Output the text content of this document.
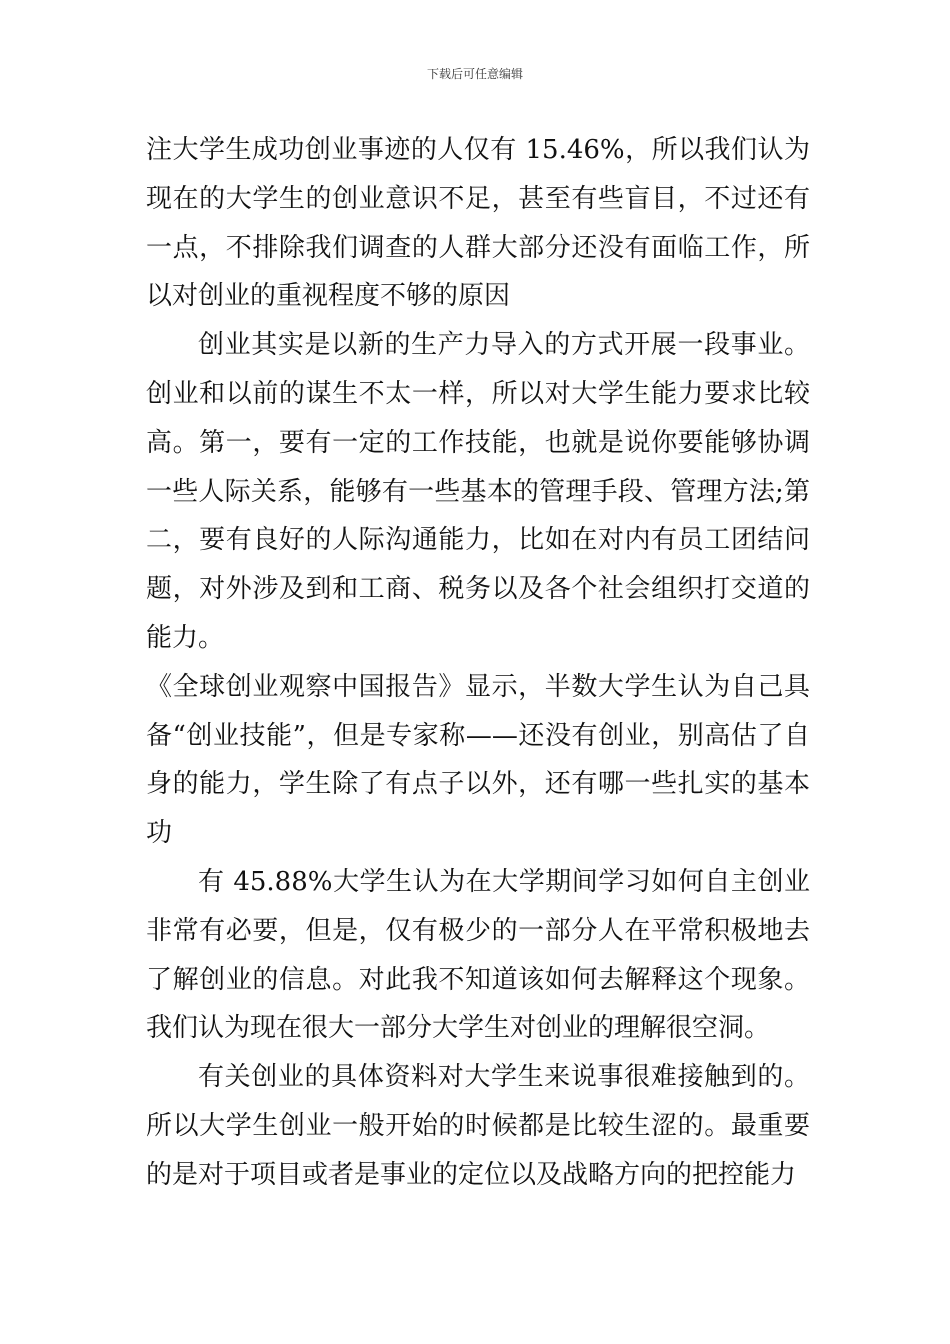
下载后可任意编辑

注大学生成功创业事迹的人仅有 15.46%，所以我们认为现在的大学生的创业意识不足，甚至有些盲目，不过还有一点，不排除我们调查的人群大部分还没有面临工作，所以对创业的重视程度不够的原因

创业其实是以新的生产力导入的方式开展一段事业。创业和以前的谋生不太一样，所以对大学生能力要求比较高。第一，要有一定的工作技能，也就是说你要能够协调一些人际关系，能够有一些基本的管理手段、管理方法;第二，要有良好的人际沟通能力，比如在对内有员工团结问题，对外涉及到和工商、税务以及各个社会组织打交道的能力。

《全球创业观察中国报告》显示，半数大学生认为自己具备“创业技能”，但是专家称——还没有创业，别高估了自身的能力，学生除了有点子以外，还有哪一些扎实的基本功

有 45.88%大学生认为在大学期间学习如何自主创业非常有必要，但是，仅有极少的一部分人在平常积极地去了解创业的信息。对此我不知道该如何去解释这个现象。我们认为现在很大一部分大学生对创业的理解很空洞。

有关创业的具体资料对大学生来说事很难接触到的。所以大学生创业一般开始的时候都是比较生涩的。最重要的是对于项目或者是事业的定位以及战略方向的把控能力
